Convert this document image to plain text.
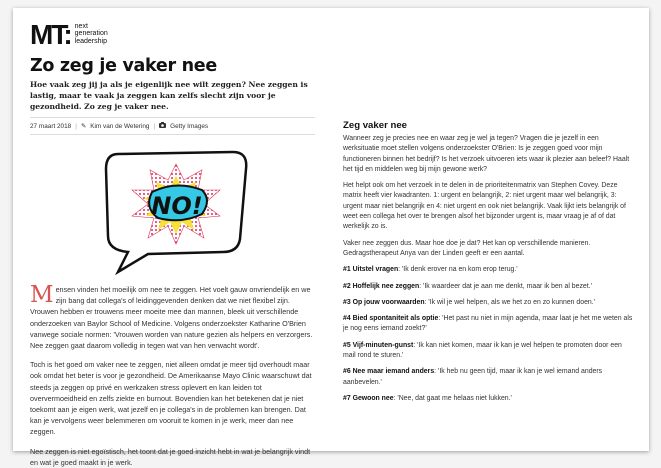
MT: next
generation
leadership
Zo zeg je vaker nee
Hoe vaak zeg jij ja als je eigenlijk nee wilt zeggen? Nee zeggen is lastig, maar te vaak ja zeggen kan zelfs slecht zijn voor je gezondheid. Zo zeg je vaker nee.
27 maart 2018 | ✎ Kim van de Wetering | Getty Images
NO!

Mensen vinden het moeilijk om nee te zeggen. Het voelt gauw onvriendelijk en we zijn bang dat collega's of leidinggevenden denken dat we niet flexibel zijn. Vrouwen hebben er trouwens meer moeite mee dan mannen, bleek uit verschillende onderzoeken van Baylor School of Medicine. Volgens onderzoekster Katharine O'Brien vanwege sociale normen: 'Vrouwen worden van nature gezien als helpers en verzorgers. Nee zeggen gaat daarom volledig in tegen wat van hen verwacht wordt'.

Toch is het goed om vaker nee te zeggen, niet alleen omdat je meer tijd overhoudt maar ook omdat het beter is voor je gezondheid. De Amerikaanse Mayo Clinic waarschuwt dat steeds ja zeggen op privé en werkzaken stress oplevert en kan leiden tot oververmoeidheid en zelfs ziekte en burnout. Bovendien kan het betekenen dat je niet toekomt aan je eigen werk, wat jezelf en je collega's in de problemen kan brengen. Dat kan je vervolgens weer belemmeren om vooruit te komen in je werk, meer dan nee zeggen.

Nee zeggen is niet egoïstisch, het toont dat je goed inzicht hebt in wat je belangrijk vindt en wat je goed maakt in je werk.

Zeg vaker nee

Wanneer zeg je precies nee en waar zeg je wel ja tegen? Vragen die je jezelf in een werksituatie moet stellen volgens onderzoekster O'Brien: Is je zeggen goed voor mijn functioneren binnen het bedrijf? Is het verzoek uitvoeren iets waar ik plezier aan beleef? Haalt het tijd en middelen weg bij mijn gewone werk?

Het helpt ook om het verzoek in te delen in de prioriteitenmatrix van Stephen Covey. Deze matrix heeft vier kwadranten. 1: urgent en belangrijk, 2: niet urgent maar wel belangrijk, 3: urgent maar niet belangrijk en 4: niet urgent en ook niet belangrijk. Vaak lijkt iets belangrijk of weet een collega het over te brengen alsof het bijzonder urgent is, maar vraag je af of dat werkelijk zo is.

Vaker nee zeggen dus. Maar hoe doe je dat? Het kan op verschillende manieren. Gedragstherapeut Anya van der Linden geeft er een aantal.

#1 Uitstel vragen: 'Ik denk erover na en kom erop terug.'

#2 Hoffelijk nee zeggen: 'Ik waardeer dat je aan me denkt, maar ik ben al bezet.'

#3 Op jouw voorwaarden: 'Ik wil je wel helpen, als we het zo en zo kunnen doen.'

#4 Bied spontaniteit als optie: 'Het past nu niet in mijn agenda, maar laat je het me weten als je nog eens iemand zoekt?'

#5 Vijf-minuten-gunst: 'Ik kan niet komen, maar ik kan je wel helpen te promoten door een mail rond te sturen.'

#6 Nee maar iemand anders: 'Ik heb nu geen tijd, maar ik kan je wel iemand anders aanbevelen.'

#7 Gewoon nee: 'Nee, dat gaat me helaas niet lukken.'
